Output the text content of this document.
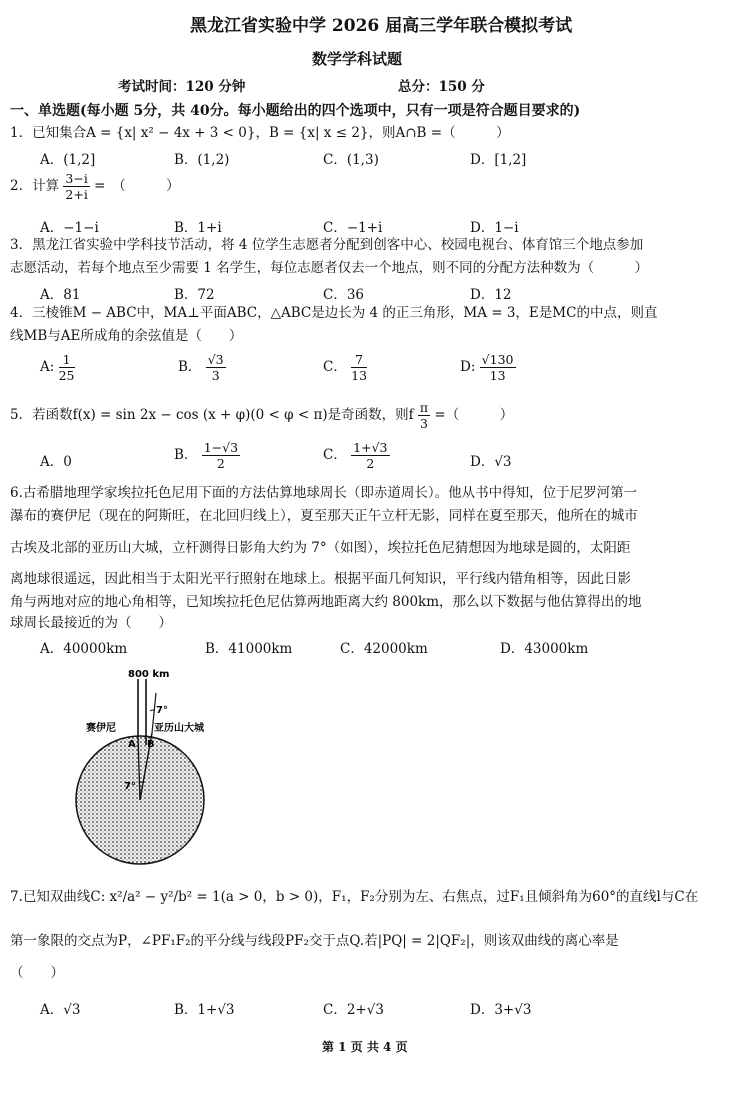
黑龙江省实验中学 2026 届高三学年联合模拟考试
数学学科试题
考试时间：120 分钟	总分：150 分
一、单选题(每小题 5分，共 40分。每小题给出的四个选项中，只有一项是符合题目要求的)
1．已知集合A = {x| x² − 4x + 3 < 0}，B = {x| x ≤ 2}，则A∩B =（　　　）
A．(1,2]	B．(1,2)	C．(1,3)	D．[1,2]
2．计算 $\frac{3-i}{2+i}$ =　（　　　）
A．−1−i	B．1+i	C．−1+i	D．1−i
3．黑龙江省实验中学科技节活动，将 4 位学生志愿者分配到创客中心、校园电视台、体育馆三个地点参加
志愿活动，若每个地点至少需要 1 名学生，每位志愿者仅去一个地点，则不同的分配方法种数为（　　　）
A．81	B．72	C．36	D．12
4．三棱锥M − ABC中，MA⊥平面ABC，△ABC是边长为 4 的正三角形，MA = 3，E是MC的中点，则直
线MB与AE所成角的余弦值是（　　）
A: $\frac{1}{25}$	B． $\frac{√3}{3}$	C． $\frac{7}{13}$	D: $\frac{√130}{13}$
5．若函数f(x) = sin 2x − cos (x + φ)(0 < φ < π)是奇函数，则f $\frac{\pi}{3}$ =（　　　）
A．0	B． $\frac{1-√3}{2}$	C． $\frac{1+√3}{2}$	D．√3
6.古希腊地理学家埃拉托色尼用下面的方法估算地球周长（即赤道周长）。他从书中得知，位于尼罗河第一
瀑布的赛伊尼（现在的阿斯旺，在北回归线上），夏至那天正午立杆无影，同样在夏至那天，他所在的城市
古埃及北部的亚历山大城，立杆测得日影角大约为 7°（如图），埃拉托色尼猜想因为地球是圆的，太阳距
离地球很遥远，因此相当于太阳光平行照射在地球上。根据平面几何知识，平行线内错角相等，因此日影
角与两地对应的地心角相等，已知埃拉托色尼估算两地距离大约 800km，那么以下数据与他估算得出的地
球周长最接近的为（　　）
A．40000km	B．41000km	C．42000km	D．43000km
800 km
7°
7°
赛伊尼	亚历山大城
A B
7.已知双曲线C: x²/a² − y²/b² = 1(a > 0，b > 0)，F₁，F₂分别为左、右焦点，过F₁且倾斜角为60°的直线l与C在
第一象限的交点为P，∠PF₁F₂的平分线与线段PF₂交于点Q.若|PQ| = 2|QF₂|，则该双曲线的离心率是
（　　）
A．√3	B．1+√3	C．2+√3	D．3+√3
第 1 页 共 4 页
